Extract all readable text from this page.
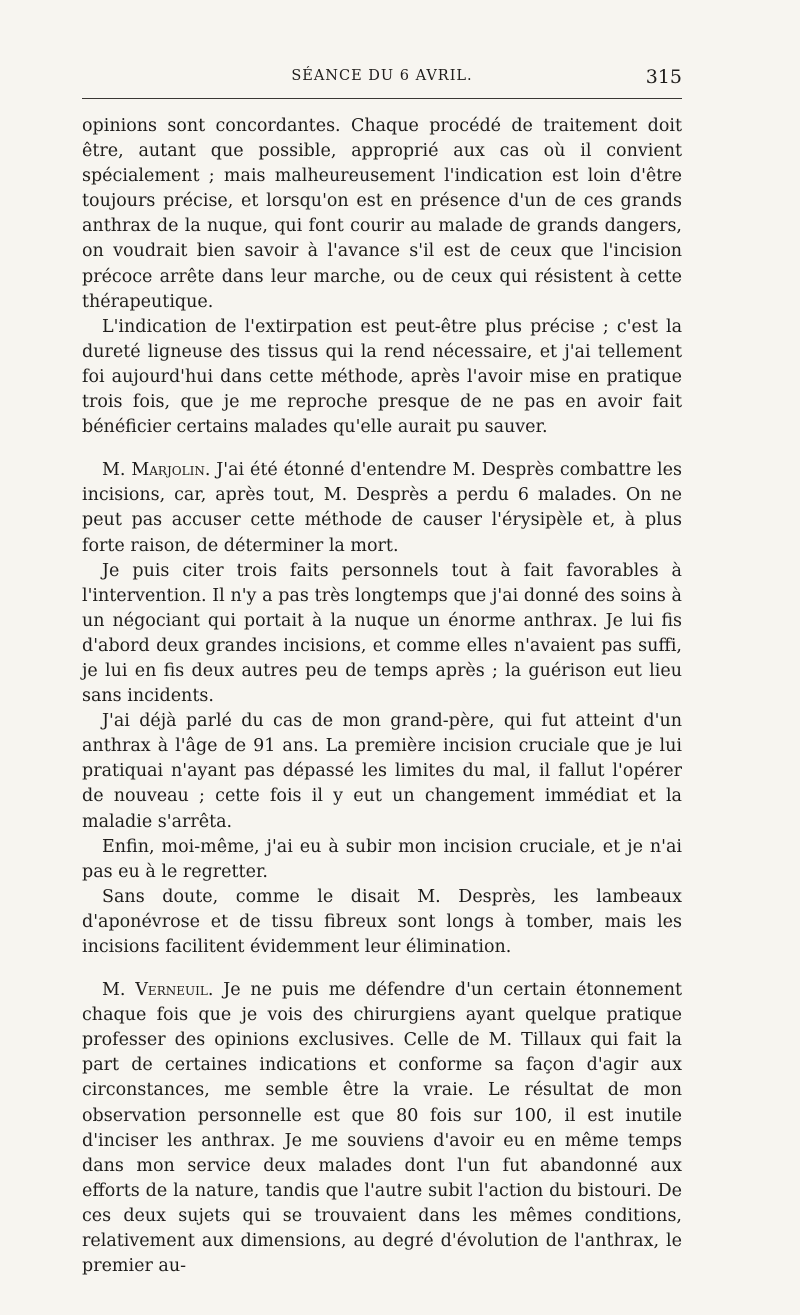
SÉANCE DU 6 AVRIL.	315

opinions sont concordantes. Chaque procédé de traitement doit être, autant que possible, approprié aux cas où il convient spécialement ; mais malheureusement l'indication est loin d'être toujours précise, et lorsqu'on est en présence d'un de ces grands anthrax de la nuque, qui font courir au malade de grands dangers, on voudrait bien savoir à l'avance s'il est de ceux que l'incision précoce arrête dans leur marche, ou de ceux qui résistent à cette thérapeutique.

L'indication de l'extirpation est peut-être plus précise ; c'est la dureté ligneuse des tissus qui la rend nécessaire, et j'ai tellement foi aujourd'hui dans cette méthode, après l'avoir mise en pratique trois fois, que je me reproche presque de ne pas en avoir fait bénéficier certains malades qu'elle aurait pu sauver.

M. Marjolin. J'ai été étonné d'entendre M. Desprès combattre les incisions, car, après tout, M. Desprès a perdu 6 malades. On ne peut pas accuser cette méthode de causer l'érysipèle et, à plus forte raison, de déterminer la mort.

Je puis citer trois faits personnels tout à fait favorables à l'intervention. Il n'y a pas très longtemps que j'ai donné des soins à un négociant qui portait à la nuque un énorme anthrax. Je lui fis d'abord deux grandes incisions, et comme elles n'avaient pas suffi, je lui en fis deux autres peu de temps après ; la guérison eut lieu sans incidents.

J'ai déjà parlé du cas de mon grand-père, qui fut atteint d'un anthrax à l'âge de 91 ans. La première incision cruciale que je lui pratiquai n'ayant pas dépassé les limites du mal, il fallut l'opérer de nouveau ; cette fois il y eut un changement immédiat et la maladie s'arrêta.

Enfin, moi-même, j'ai eu à subir mon incision cruciale, et je n'ai pas eu à le regretter.

Sans doute, comme le disait M. Desprès, les lambeaux d'aponévrose et de tissu fibreux sont longs à tomber, mais les incisions facilitent évidemment leur élimination.

M. Verneuil. Je ne puis me défendre d'un certain étonnement chaque fois que je vois des chirurgiens ayant quelque pratique professer des opinions exclusives. Celle de M. Tillaux qui fait la part de certaines indications et conforme sa façon d'agir aux circonstances, me semble être la vraie. Le résultat de mon observation personnelle est que 80 fois sur 100, il est inutile d'inciser les anthrax. Je me souviens d'avoir eu en même temps dans mon service deux malades dont l'un fut abandonné aux efforts de la nature, tandis que l'autre subit l'action du bistouri. De ces deux sujets qui se trouvaient dans les mêmes conditions, relativement aux dimensions, au degré d'évolution de l'anthrax, le premier au-
